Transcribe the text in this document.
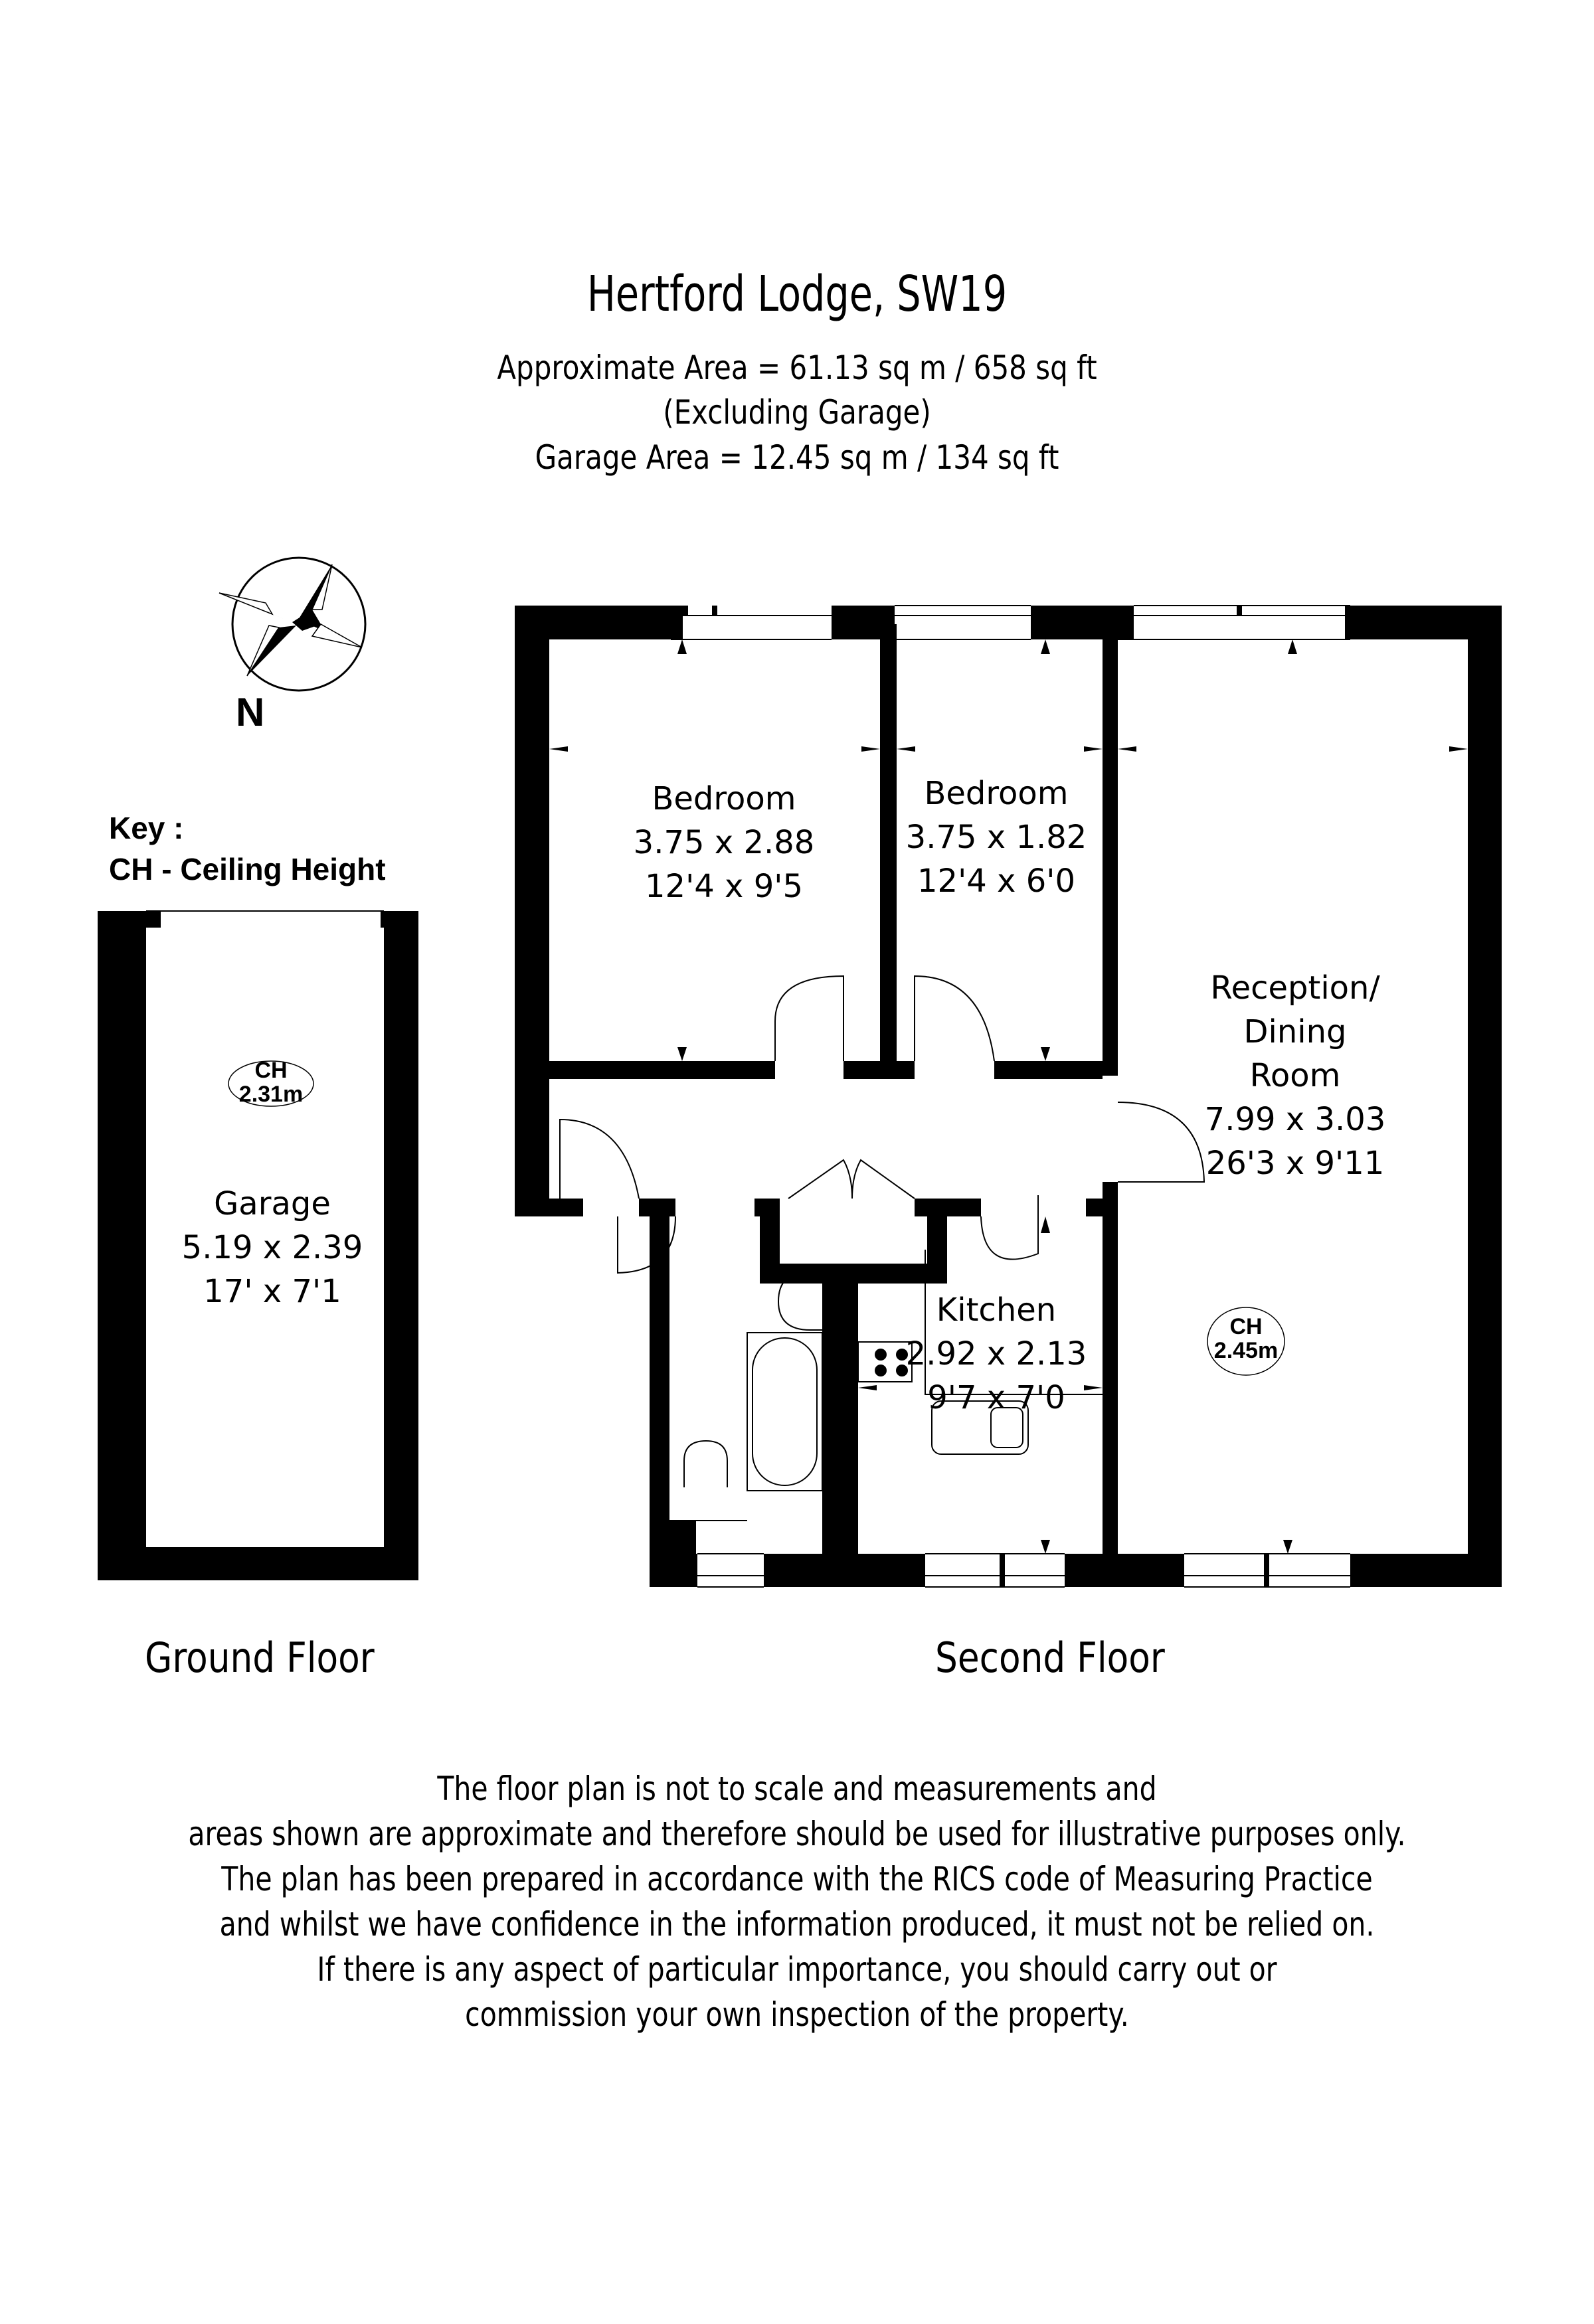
Hertford Lodge, SW19
Approximate Area = 61.13 sq m / 658 sq ft
(Excluding Garage)
Garage Area = 12.45 sq m / 134 sq ft
N
Key :
CH - Ceiling Height
CH
2.31m
Garage
5.19 x 2.39
17' x 7'1
Bedroom
3.75 x 2.88
12'4 x 9'5
Bedroom
3.75 x 1.82
12'4 x 6'0
Reception/
Dining
Room
7.99 x 3.03
26'3 x 9'11
CH
2.45m
Kitchen
2.92 x 2.13
9'7 x 7'0
Ground Floor	Second Floor
The floor plan is not to scale and measurements and
areas shown are approximate and therefore should be used for illustrative purposes only.
The plan has been prepared in accordance with the RICS code of Measuring Practice
and whilst we have confidence in the information produced, it must not be relied on.
If there is any aspect of particular importance, you should carry out or
commission your own inspection of the property.
